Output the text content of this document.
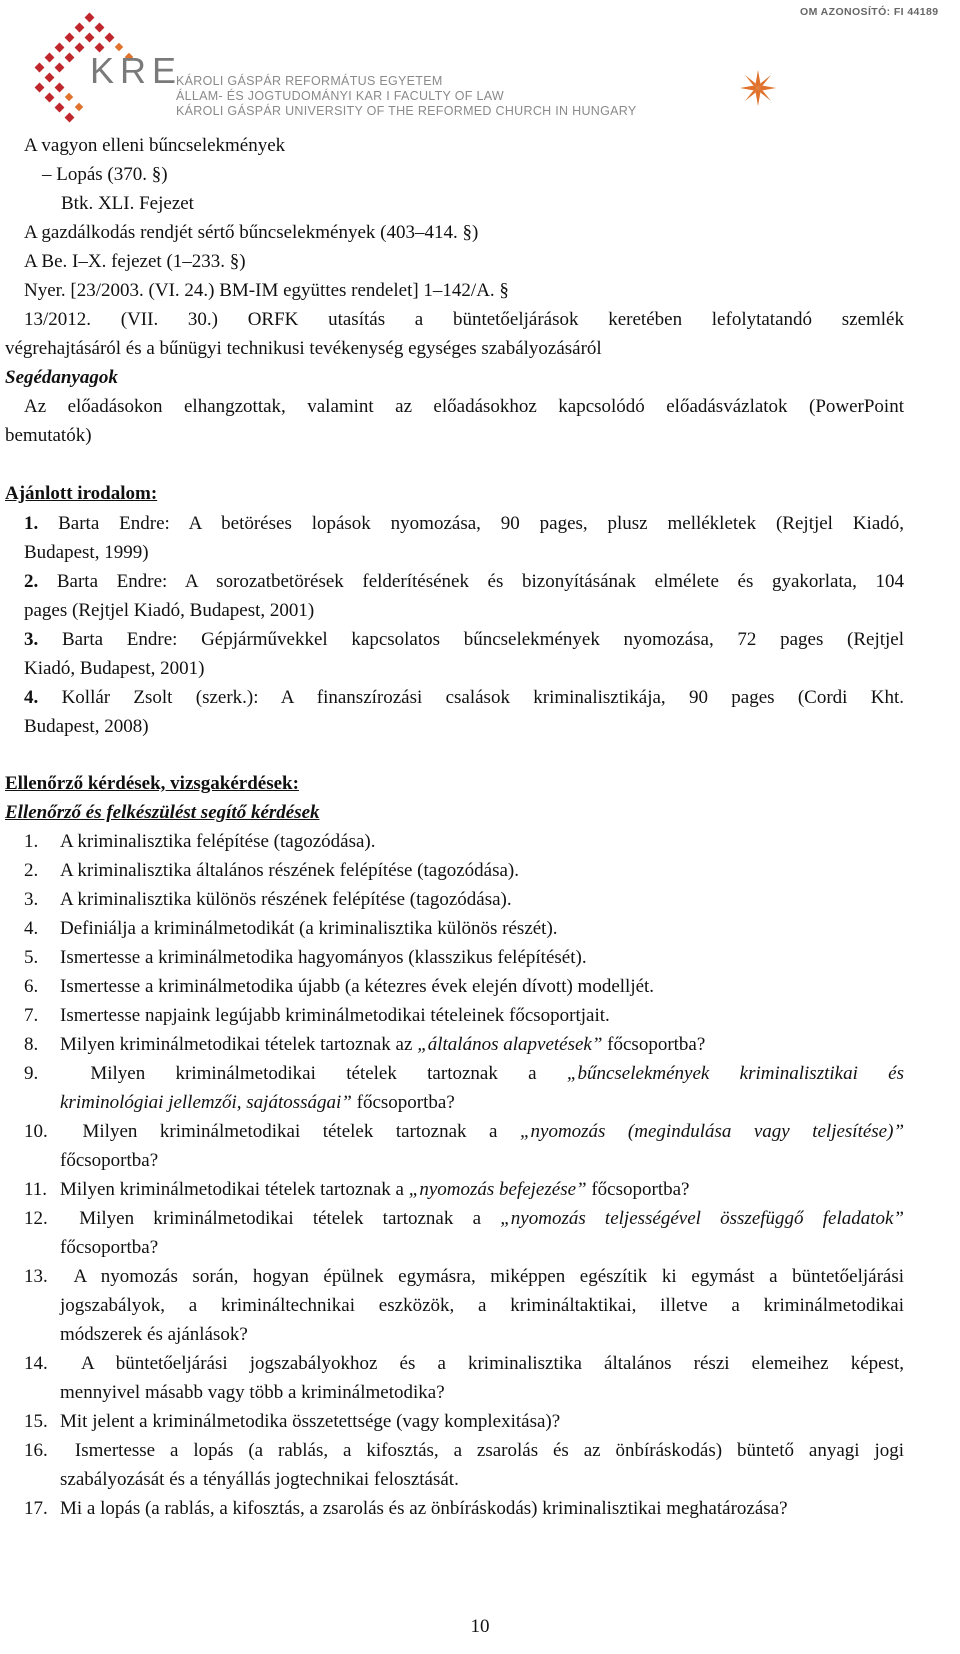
OM AZONOSÍTÓ: FI 44189
KRE
KÁROLI GÁSPÁR REFORMÁTUS EGYETEM
ÁLLAM- ÉS JOGTUDOMÁNYI KAR I FACULTY OF LAW
KÁROLI GÁSPÁR UNIVERSITY OF THE REFORMED CHURCH IN HUNGARY
A vagyon elleni bűncselekmények
– Lopás (370. §)
Btk. XLI. Fejezet
A gazdálkodás rendjét sértő bűncselekmények (403–414. §)
A Be. I–X. fejezet (1–233. §)
Nyer. [23/2003. (VI. 24.) BM-IM együttes rendelet] 1–142/A. §
13/2012. (VII. 30.) ORFK utasítás a büntetőeljárások keretében lefolytatandó szemlék
végrehajtásáról és a bűnügyi technikusi tevékenység egységes szabályozásáról
Segédanyagok
Az előadásokon elhangzottak, valamint az előadásokhoz kapcsolódó előadásvázlatok (PowerPoint
bemutatók)
Ajánlott irodalom:
1. Barta Endre: A betöréses lopások nyomozása, 90 pages, plusz mellékletek (Rejtjel Kiadó,
Budapest, 1999)
2. Barta Endre: A sorozatbetörések felderítésének és bizonyításának elmélete és gyakorlata, 104
pages (Rejtjel Kiadó, Budapest, 2001)
3. Barta Endre: Gépjárművekkel kapcsolatos bűncselekmények nyomozása, 72 pages (Rejtjel
Kiadó, Budapest, 2001)
4. Kollár Zsolt (szerk.): A finanszírozási csalások kriminalisztikája, 90 pages (Cordi Kht.
Budapest, 2008)
Ellenőrző kérdések, vizsgakérdések:
Ellenőrző és felkészülést segítő kérdések
1. A kriminalisztika felépítése (tagozódása).
2. A kriminalisztika általános részének felépítése (tagozódása).
3. A kriminalisztika különös részének felépítése (tagozódása).
4. Definiálja a kriminálmetodikát (a kriminalisztika különös részét).
5. Ismertesse a kriminálmetodika hagyományos (klasszikus felépítését).
6. Ismertesse a kriminálmetodika újabb (a kétezres évek elején dívott) modelljét.
7. Ismertesse napjaink legújabb kriminálmetodikai tételeinek főcsoportjait.
8. Milyen kriminálmetodikai tételek tartoznak az „általános alapvetések” főcsoportba?
9.	Milyen kriminálmetodikai tételek tartoznak a „bűncselekmények kriminalisztikai és
kriminológiai jellemzői, sajátosságai” főcsoportba?
10. Milyen kriminálmetodikai tételek tartoznak a „nyomozás (megindulása vagy teljesítése)”
főcsoportba?
11. Milyen kriminálmetodikai tételek tartoznak a „nyomozás befejezése” főcsoportba?
12. Milyen kriminálmetodikai tételek tartoznak a „nyomozás teljességével összefüggő feladatok”
főcsoportba?
13. A nyomozás során, hogyan épülnek egymásra, miképpen egészítik ki egymást a büntetőeljárási
jogszabályok, a krimináltechnikai eszközök, a krimináltaktikai, illetve a kriminálmetodikai
módszerek és ajánlások?
14. A büntetőeljárási jogszabályokhoz és a kriminalisztika általános részi elemeihez képest,
mennyivel másabb vagy több a kriminálmetodika?
15. Mit jelent a kriminálmetodika összetettsége (vagy komplexitása)?
16. Ismertesse a lopás (a rablás, a kifosztás, a zsarolás és az önbíráskodás) büntető anyagi jogi
szabályozását és a tényállás jogtechnikai felosztását.
17. Mi a lopás (a rablás, a kifosztás, a zsarolás és az önbíráskodás) kriminalisztikai meghatározása?
10
